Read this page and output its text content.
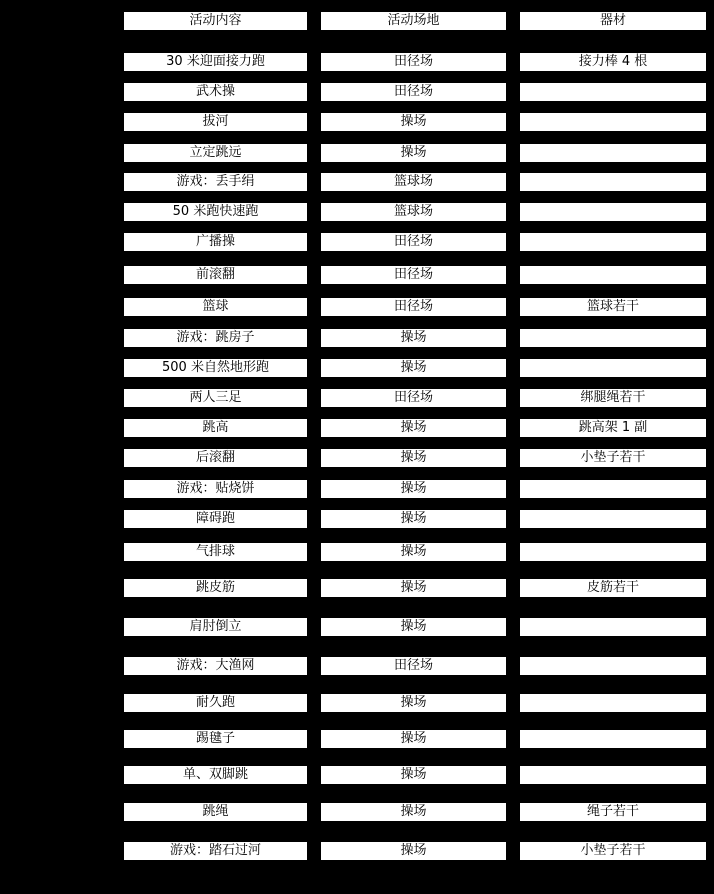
活动内容	活动场地	器材
30 米迎面接力跑	田径场	接力棒 4 根
武术操	田径场
拔河	操场
立定跳远	操场
游戏：丢手绢	篮球场
50 米跑快速跑	篮球场
广播操	田径场
前滚翻	田径场
篮球	田径场	篮球若干
游戏：跳房子	操场
500 米自然地形跑	操场
两人三足	田径场	绑腿绳若干
跳高	操场	跳高架 1 副
后滚翻	操场	小垫子若干
游戏：贴烧饼	操场
障碍跑	操场
气排球	操场
跳皮筋	操场	皮筋若干
肩肘倒立	操场
游戏：大渔网	田径场
耐久跑	操场
踢毽子	操场
单、双脚跳	操场
跳绳	操场	绳子若干
游戏：踏石过河	操场	小垫子若干
